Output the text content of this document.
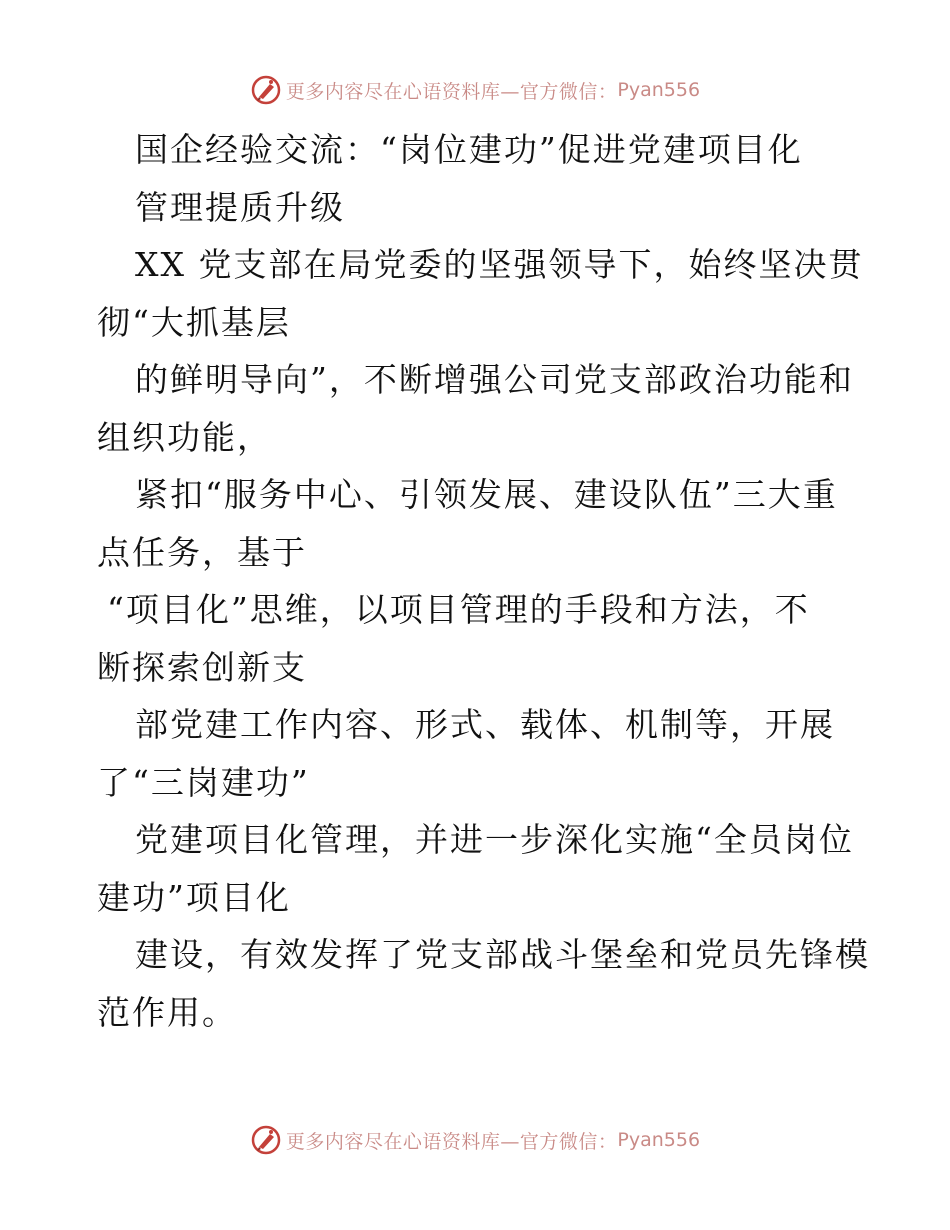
更多内容尽在心语资料库—官方微信： Pyan556
国企经验交流：“岗位建功”促进党建项目化
管理提质升级
XX 党支部在局党委的坚强领导下，始终坚决贯
彻“大抓基层
的鲜明导向”，不断增强公司党支部政治功能和
组织功能，
紧扣“服务中心、引领发展、建设队伍”三大重
点任务，基于
“项目化”思维，以项目管理的手段和方法，不
断探索创新支
部党建工作内容、形式、载体、机制等，开展
了“三岗建功”
党建项目化管理，并进一步深化实施“全员岗位
建功”项目化
建设，有效发挥了党支部战斗堡垒和党员先锋模
范作用。
更多内容尽在心语资料库—官方微信： Pyan556
